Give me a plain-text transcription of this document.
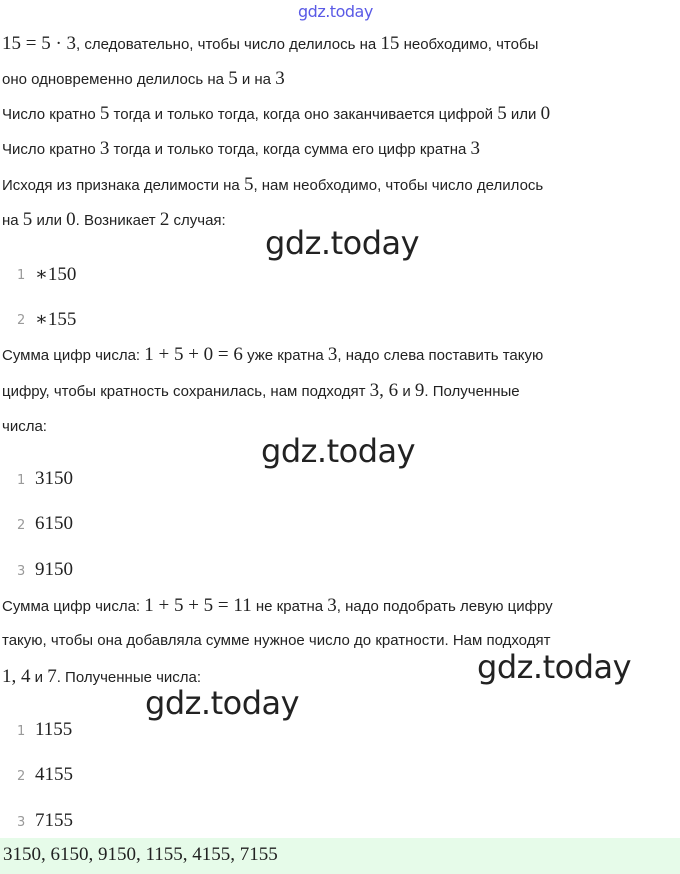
gdz.today
gdz.today
gdz.today
gdz.today
gdz.today
15 = 5 · 3, следовательно, чтобы число делилось на 15 необходимо, чтобы
оно одновременно делилось на 5 и на 3
Число кратно 5 тогда и только тогда, когда оно заканчивается цифрой 5 или 0
Число кратно 3 тогда и только тогда, когда сумма его цифр кратна 3
Исходя из признака делимости на 5, нам необходимо, чтобы число делилось
на 5 или 0. Возникает 2 случая:
1 ∗150
2 ∗155
Сумма цифр числа: 1 + 5 + 0 = 6 уже кратна 3, надо слева поставить такую
цифру, чтобы кратность сохранилась, нам подходят 3, 6 и 9. Полученные
числа:
1 3150
2 6150
3 9150
Сумма цифр числа: 1 + 5 + 5 = 11 не кратна 3, надо подобрать левую цифру
такую, чтобы она добавляла сумме нужное число до кратности. Нам подходят
1, 4 и 7. Полученные числа:
1 1155
2 4155
3 7155
3150, 6150, 9150, 1155, 4155, 7155
